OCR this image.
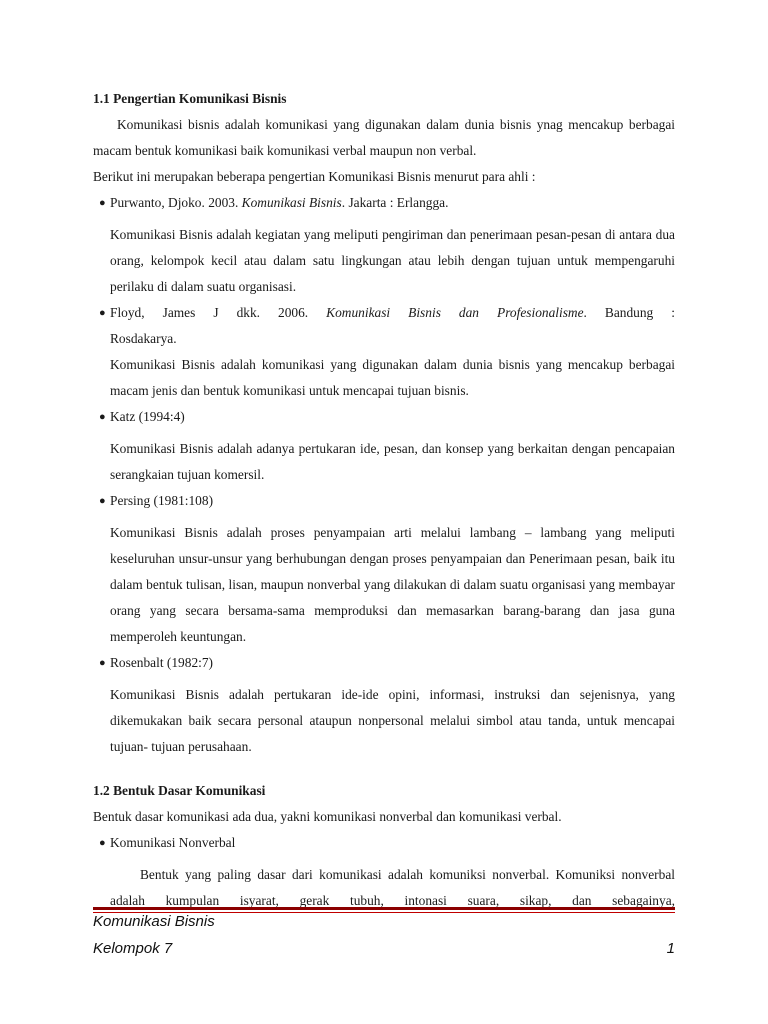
1.1 Pengertian Komunikasi Bisnis

Komunikasi bisnis adalah komunikasi yang digunakan dalam dunia bisnis ynag mencakup berbagai macam bentuk komunikasi baik komunikasi verbal maupun non verbal.

Berikut ini merupakan beberapa pengertian Komunikasi Bisnis menurut para ahli :

● Purwanto, Djoko. 2003. Komunikasi Bisnis. Jakarta : Erlangga.

Komunikasi Bisnis adalah kegiatan yang meliputi pengiriman dan penerimaan pesan-pesan di antara dua orang, kelompok kecil atau dalam satu lingkungan atau lebih dengan tujuan untuk mempengaruhi perilaku di dalam suatu organisasi.

● Floyd, James J dkk. 2006. Komunikasi Bisnis dan Profesionalisme. Bandung :

Rosdakarya.

Komunikasi Bisnis adalah komunikasi yang digunakan dalam dunia bisnis yang mencakup berbagai macam jenis dan bentuk komunikasi untuk mencapai tujuan bisnis.

● Katz (1994:4)

Komunikasi Bisnis adalah adanya pertukaran ide, pesan, dan konsep yang berkaitan dengan pencapaian serangkaian tujuan komersil.

● Persing (1981:108)

Komunikasi Bisnis adalah proses penyampaian arti melalui lambang – lambang yang meliputi keseluruhan unsur-unsur yang berhubungan dengan proses penyampaian dan Penerimaan pesan, baik itu dalam bentuk tulisan, lisan, maupun nonverbal yang dilakukan di dalam suatu organisasi yang membayar orang yang secara bersama-sama memproduksi dan memasarkan barang-barang dan jasa guna memperoleh keuntungan.

● Rosenbalt (1982:7)

Komunikasi Bisnis adalah pertukaran ide-ide opini, informasi, instruksi dan sejenisnya, yang dikemukakan baik secara personal ataupun nonpersonal melalui simbol atau tanda, untuk mencapai tujuan- tujuan perusahaan.

1.2 Bentuk Dasar Komunikasi

Bentuk dasar komunikasi ada dua, yakni komunikasi nonverbal dan komunikasi verbal.

● Komunikasi Nonverbal

Bentuk yang paling dasar dari komunikasi adalah komuniksi nonverbal. Komuniksi nonverbal adalah kumpulan isyarat, gerak tubuh, intonasi suara, sikap, dan sebagainya,

Komunikasi Bisnis
Kelompok 7	1
